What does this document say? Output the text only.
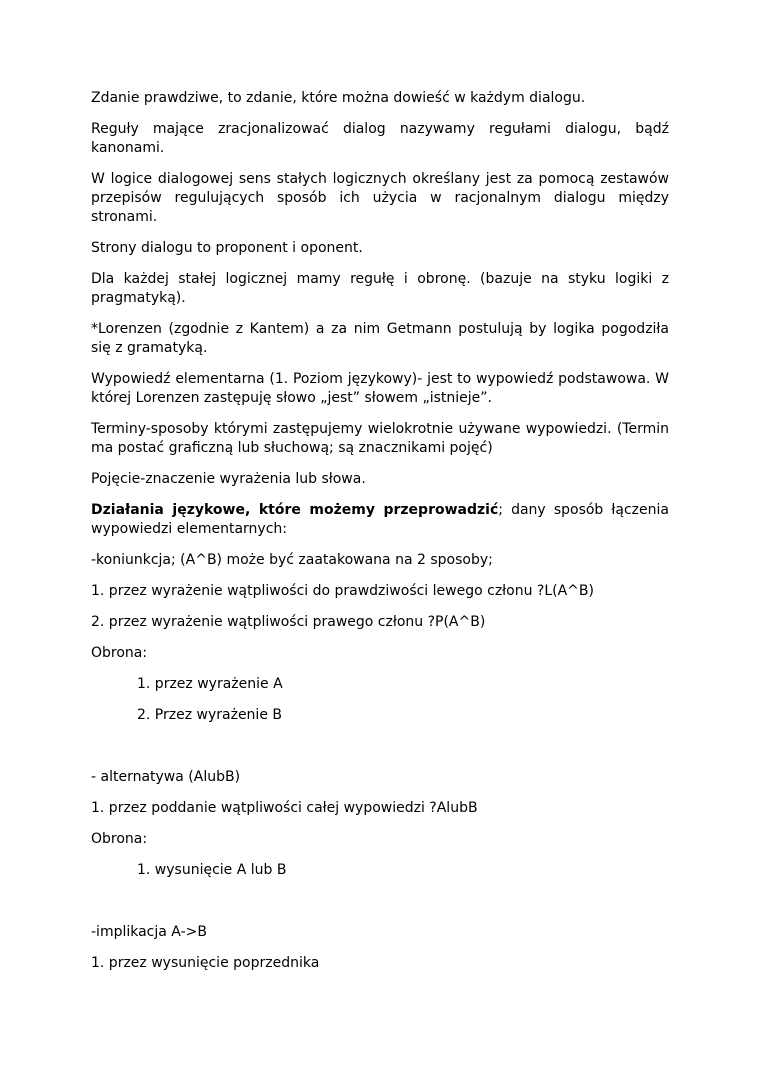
Zdanie prawdziwe, to zdanie, które można dowieść w każdym dialogu.

Reguły mające zracjonalizować dialog nazywamy regułami dialogu, bądź kanonami.

W logice dialogowej sens stałych logicznych określany jest za pomocą zestawów przepisów regulujących sposób ich użycia w racjonalnym dialogu między stronami.

Strony dialogu to proponent i oponent.

Dla każdej stałej logicznej mamy regułę i obronę. (bazuje na styku logiki z pragmatyką).

*Lorenzen (zgodnie z Kantem) a za nim Getmann postulują by logika pogodziła się z gramatyką.

Wypowiedź elementarna (1. Poziom językowy)- jest to wypowiedź podstawowa. W której Lorenzen zastępuję słowo „jest” słowem „istnieje”.

Terminy-sposoby którymi zastępujemy wielokrotnie używane wypowiedzi. (Termin ma postać graficzną lub słuchową; są znacznikami pojęć)

Pojęcie-znaczenie wyrażenia lub słowa.

Działania językowe, które możemy przeprowadzić; dany sposób łączenia wypowiedzi elementarnych:

-koniunkcja; (A^B) może być zaatakowana na 2 sposoby;

1. przez wyrażenie wątpliwości do prawdziwości lewego członu ?L(A^B)

2. przez wyrażenie wątpliwości prawego członu ?P(A^B)

Obrona:

1. przez wyrażenie A

2. Przez wyrażenie B

- alternatywa (AlubB)

1. przez poddanie wątpliwości całej wypowiedzi ?AlubB

Obrona:

1. wysunięcie A lub B

-implikacja A->B

1. przez wysunięcie poprzednika
